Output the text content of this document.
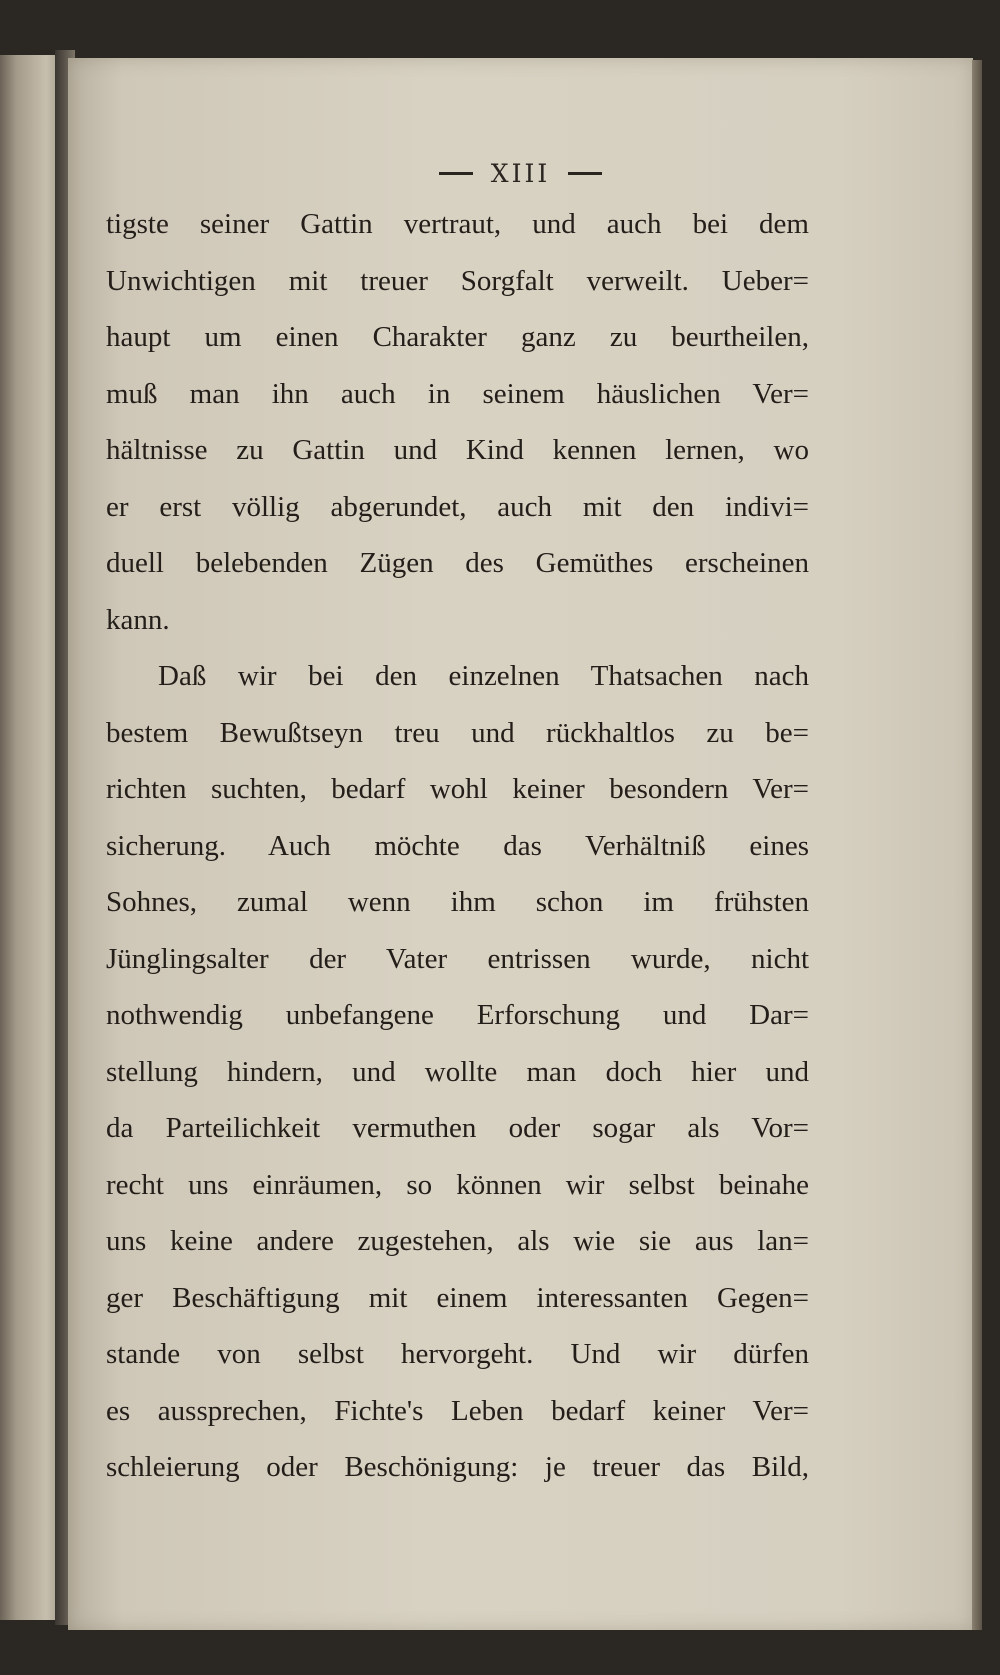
XIII
tigste seiner Gattin vertraut, und auch bei dem
Unwichtigen mit treuer Sorgfalt verweilt. Ueber=
haupt um einen Charakter ganz zu beurtheilen,
muß man ihn auch in seinem häuslichen Ver=
hältnisse zu Gattin und Kind kennen lernen, wo
er erst völlig abgerundet, auch mit den indivi=
duell belebenden Zügen des Gemüthes erscheinen
kann.
Daß wir bei den einzelnen Thatsachen nach
bestem Bewußtseyn treu und rückhaltlos zu be=
richten suchten, bedarf wohl keiner besondern Ver=
sicherung. Auch möchte das Verhältniß eines
Sohnes, zumal wenn ihm schon im frühsten
Jünglingsalter der Vater entrissen wurde, nicht
nothwendig unbefangene Erforschung und Dar=
stellung hindern, und wollte man doch hier und
da Parteilichkeit vermuthen oder sogar als Vor=
recht uns einräumen, so können wir selbst beinahe
uns keine andere zugestehen, als wie sie aus lan=
ger Beschäftigung mit einem interessanten Gegen=
stande von selbst hervorgeht. Und wir dürfen
es aussprechen, Fichte's Leben bedarf keiner Ver=
schleierung oder Beschönigung: je treuer das Bild,
